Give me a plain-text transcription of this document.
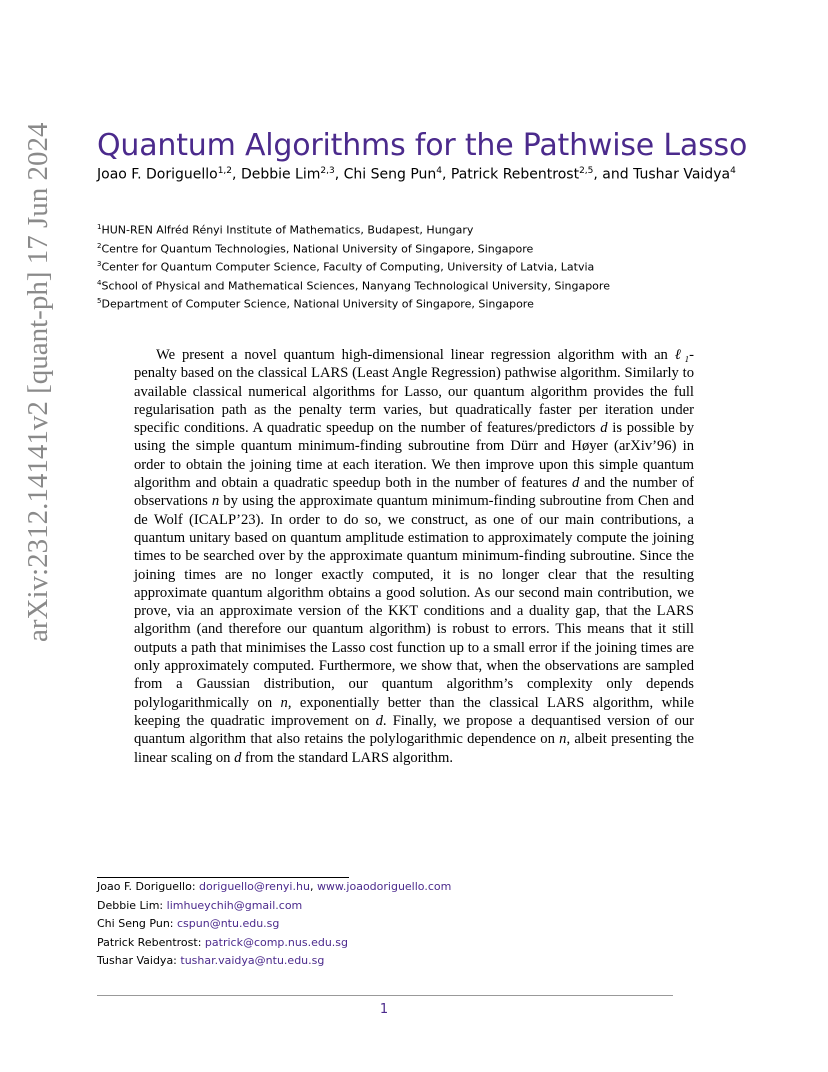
arXiv:2312.14141v2 [quant-ph] 17 Jun 2024 Quantum Algorithms for the Pathwise Lasso
Joao F. Doriguello$^{1,2}$, Debbie Lim$^{2,3}$, Chi Seng Pun$^4$, Patrick Rebentrost$^{2,5}$, and Tushar Vaidya$^4$
$^1$HUN-REN Alfréd Rényi Institute of Mathematics, Budapest, Hungary
$^2$Centre for Quantum Technologies, National University of Singapore, Singapore
$^3$Center for Quantum Computer Science, Faculty of Computing, University of Latvia, Latvia
$^4$School of Physical and Mathematical Sciences, Nanyang Technological University, Singapore
$^5$Department of Computer Science, National University of Singapore, Singapore
We present a novel quantum high-dimensional linear regression algorithm with an ℓ₁-penalty based on the classical LARS (Least Angle Regression) pathwise algorithm. Similarly to available classical numerical algorithms for Lasso, our quantum algorithm provides the full regularisation path as the penalty term varies, but quadratically faster per iteration under specific conditions. A quadratic speedup on the number of features/predictors d is possible by using the simple quantum minimum-finding subroutine from Dürr and Høyer (arXiv’96) in order to obtain the joining time at each iteration. We then improve upon this simple quantum algorithm and obtain a quadratic speedup both in the number of features d and the number of observations n by using the approximate quantum minimum-finding subroutine from Chen and de Wolf (ICALP’23). In order to do so, we construct, as one of our main contributions, a quantum unitary based on quantum amplitude estimation to approximately compute the joining times to be searched over by the approximate quantum minimum-finding subroutine. Since the joining times are no longer exactly computed, it is no longer clear that the resulting approximate quantum algorithm obtains a good solution. As our second main contribution, we prove, via an approximate version of the KKT conditions and a duality gap, that the LARS algorithm (and therefore our quantum algorithm) is robust to errors. This means that it still outputs a path that minimises the Lasso cost function up to a small error if the joining times are only approximately computed. Furthermore, we show that, when the observations are sampled from a Gaussian distribution, our quantum algorithm’s complexity only depends polylogarithmically on n, exponentially better than the classical LARS algorithm, while keeping the quadratic improvement on d. Finally, we propose a dequantised version of our quantum algorithm that also retains the polylogarithmic dependence on n, albeit presenting the linear scaling on d from the standard LARS algorithm.
Joao F. Doriguello: doriguello@renyi.hu, www.joaodoriguello.com
Debbie Lim: limhueychih@gmail.com
Chi Seng Pun: cspun@ntu.edu.sg
Patrick Rebentrost: patrick@comp.nus.edu.sg
Tushar Vaidya: tushar.vaidya@ntu.edu.sg
1
